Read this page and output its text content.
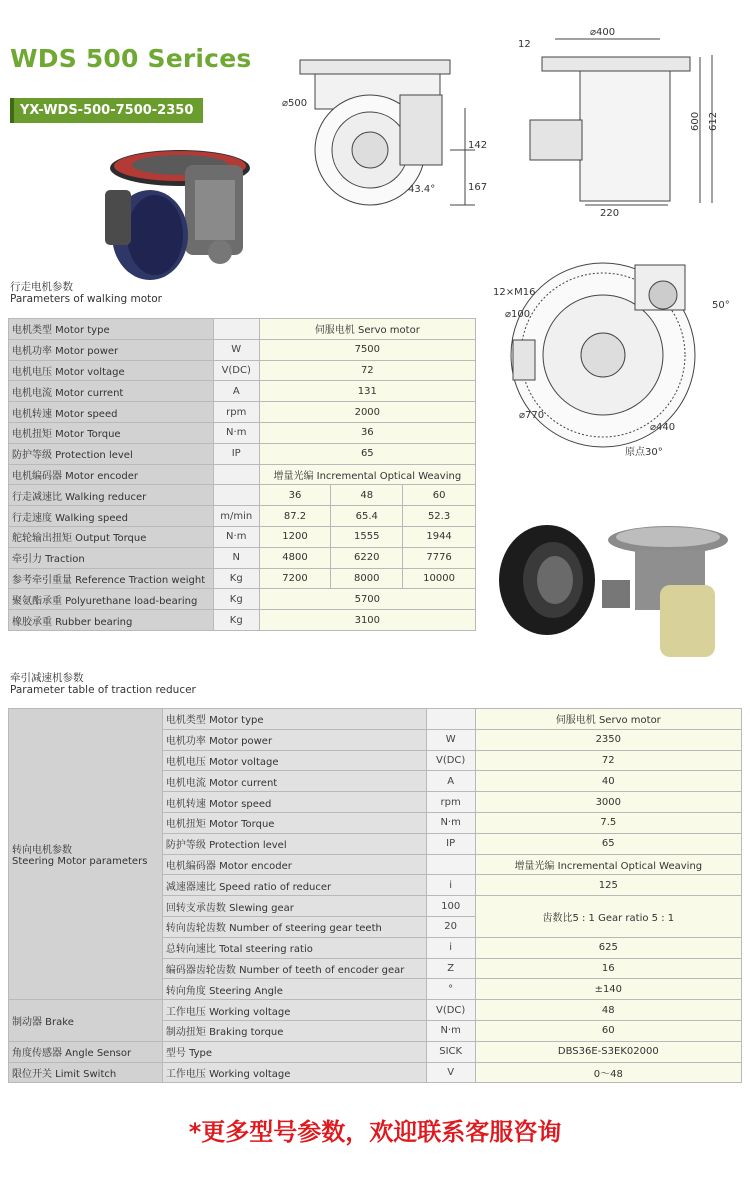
WDS 500 Serices
YX-WDS-500-7500-2350	⌀500
142
167
43.4°
12
⌀400
600 612
220
12×M16
⌀100
50°
⌀770
⌀440
原点30°
行走电机参数
Parameters of walking motor
电机类型 Motor type		伺服电机 Servo motor		
电机功率 Motor power	W	7500		
电机电压 Motor voltage	V(DC)	72		
电机电流 Motor current	A	131		
电机转速 Motor speed	rpm	2000		
电机扭矩 Motor Torque	N·m	36		
防护等级 Protection level	IP	65		
电机编码器 Motor encoder		增量光编 Incremental Optical Weaving		
行走减速比 Walking reducer		36	48	60
行走速度 Walking speed	m/min	87.2	65.4	52.3
舵轮输出扭矩 Output Torque	N·m	1200	1555	1944
牵引力 Traction	N	4800	6220	7776
参考牵引重量 Reference Traction weight	Kg	7200	8000	10000
聚氨酯承重 Polyurethane load-bearing	Kg	5700		
橡胶承重 Rubber bearing	Kg	3100		
牵引减速机参数
Parameter table of traction reducer
转向电机参数
Steering Motor parameters	电机类型 Motor type		伺服电机 Servo motor
	电机功率 Motor power	W	2350
	电机电压 Motor voltage	V(DC)	72
	电机电流 Motor current	A	40
	电机转速 Motor speed	rpm	3000
	电机扭矩 Motor Torque	N·m	7.5
	防护等级 Protection level	IP	65
	电机编码器 Motor encoder		增量光编 Incremental Optical Weaving
	减速器速比 Speed ratio of reducer	i	125
	回转支承齿数 Slewing gear	100	齿数比5 : 1 Gear ratio 5 : 1
	转向齿轮齿数 Number of steering gear teeth	20	
	总转向速比 Total steering ratio	i	625
	编码器齿轮齿数 Number of teeth of encoder gear	Z	16
	转向角度 Steering Angle	°	±140
制动器 Brake	工作电压 Working voltage	V(DC)	48
	制动扭矩 Braking torque	N·m	60
角度传感器 Angle Sensor	型号 Type	SICK	DBS36E-S3EK02000
限位开关 Limit Switch	工作电压 Working voltage	V	0～48
*更多型号参数，欢迎联系客服咨询
